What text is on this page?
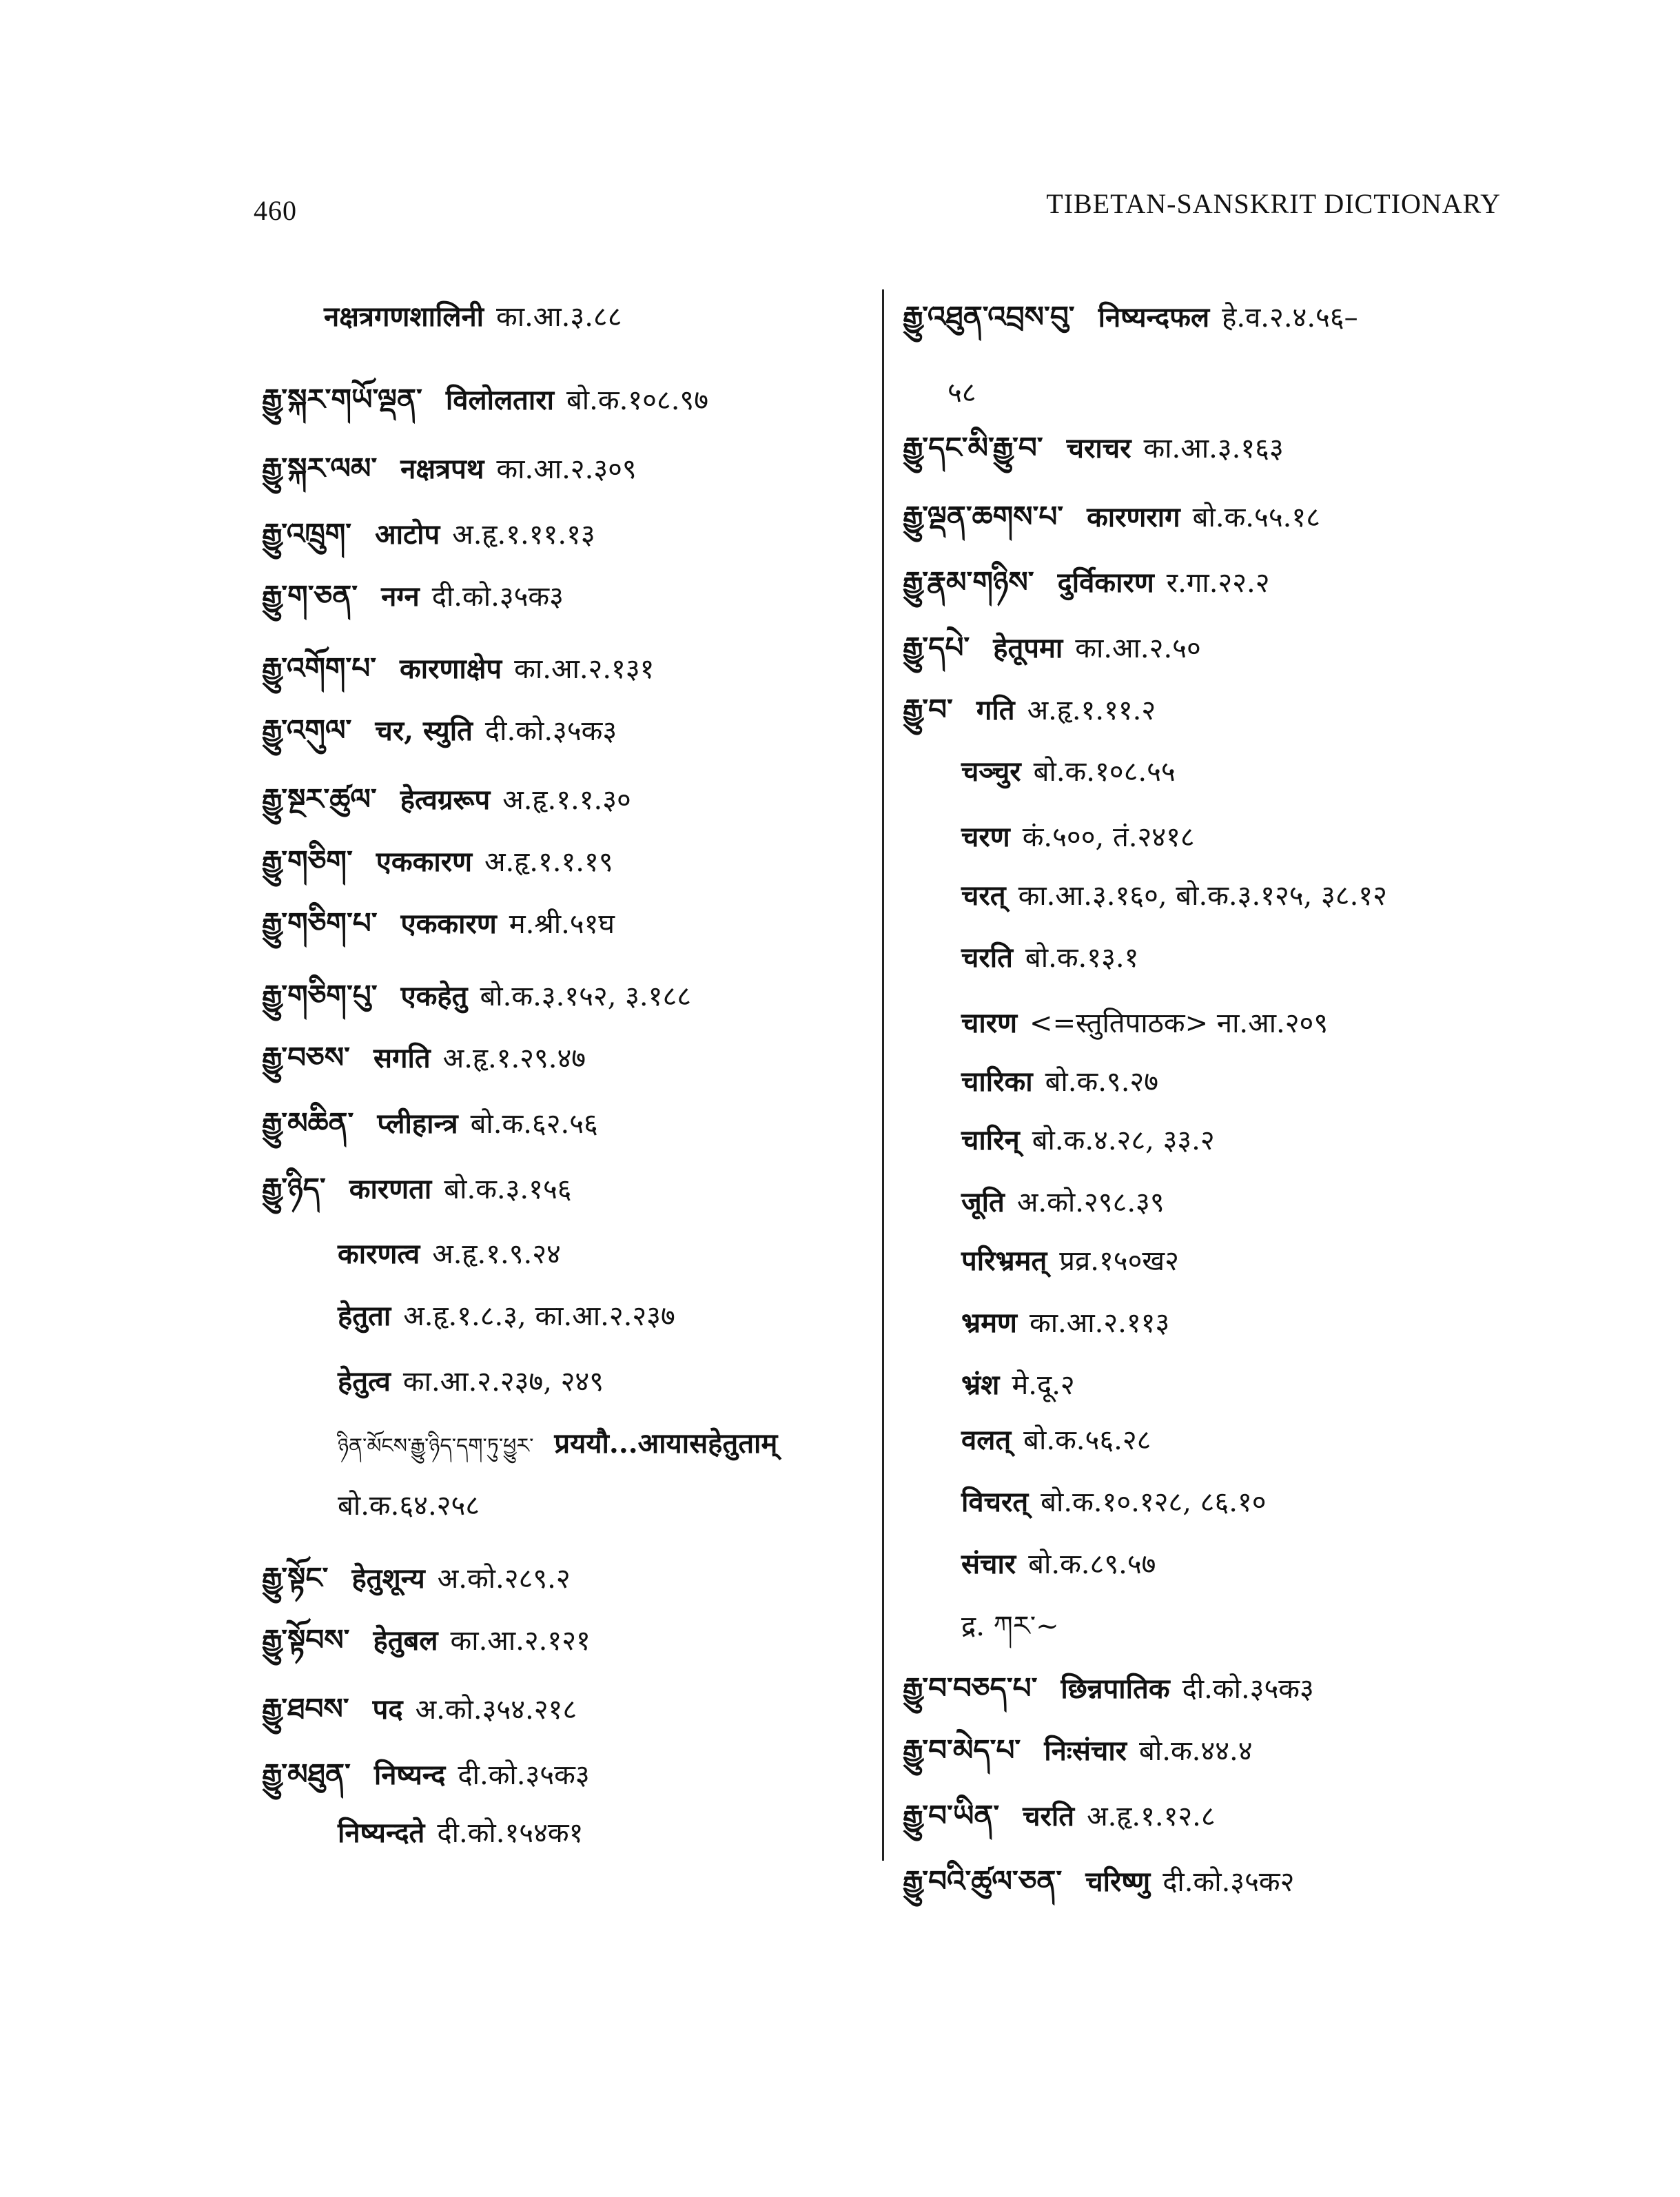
460	TIBETAN-SANSKRIT DICTIONARY
नक्षत्रगणशालिनी का.आ.३.८८
རྒྱུ་སྐར་གཡོ་ལྡན་ विलोलतारा बो.क.१०८.९७
རྒྱུ་སྐར་ལམ་ नक्षत्रपथ का.आ.२.३०९
རྒྱུ་འཁྲུག་ आटोप अ.हृ.१.११.१३
རྒྱུ་ག་ཅན་ नग्न दी.को.३५क३
རྒྱུ་འགོག་པ་ कारणाक्षेप का.आ.२.१३१
རྒྱུ་འགུལ་ चर, स्युति दी.को.३५क३
རྒྱུ་སྔར་ཚུལ་ हेत्वग्ररूप अ.हृ.१.१.३०
རྒྱུ་གཅིག་ एककारण अ.हृ.१.१.१९
རྒྱུ་གཅིག་པ་ एककारण म.श्री.५१घ
རྒྱུ་གཅིག་པུ་ एकहेतु बो.क.३.१५२, ३.१८८
རྒྱུ་བཅས་ सगति अ.हृ.१.२९.४७
རྒྱུ་མཆིན་ प्लीहान्त्र बो.क.६२.५६
རྒྱུ་ཉིད་ कारणता बो.क.३.१५६
कारणत्व अ.हृ.१.९.२४
हेतुता अ.हृ.१.८.३, का.आ.२.२३७
हेतुत्व का.आ.२.२३७, २४९
ཉིན་མོངས་རྒྱུ་ཉིད་དག་ཏུ་ཕྱུར་ प्रययौ...आयासहेतुताम्
बो.क.६४.२५८
རྒྱུ་སྟོང་ हेतुशून्य अ.को.२८९.२
རྒྱུ་སྟོབས་ हेतुबल का.आ.२.१२१
རྒྱུ་ཐབས་ पद अ.को.३५४.२१८
རྒྱུ་མཐུན་ निष्यन्द दी.को.३५क३
निष्यन्दते दी.को.१५४क१
རྒྱུ་འཐུན་འབྲས་བུ་ निष्यन्दफल हे.व.२.४.५६–
५८
རྒྱུ་དང་མི་རྒྱུ་བ་ चराचर का.आ.३.१६३
རྒྱུ་ལྡན་ཆགས་པ་ कारणराग बो.क.५५.१८
རྒྱུ་རྣམ་གཉིས་ दुर्विकारण र.गा.२२.२
རྒྱུ་དཔེ་ हेतूपमा का.आ.२.५०
རྒྱུ་བ་ गति अ.हृ.१.११.२
चञ्चुर बो.क.१०८.५५
चरण कं.५००, तं.२४१८
चरत् का.आ.३.१६०, बो.क.३.१२५, ३८.१२
चरति बो.क.१३.१
चारण <=स्तुतिपाठक> ना.आ.२०९
चारिका बो.क.९.२७
चारिन् बो.क.४.२८, ३३.२
जूति अ.को.२९८.३९
परिभ्रमत् प्रव्र.१५०ख२
भ्रमण का.आ.२.११३
भ्रंश मे.दू.२
वलत् बो.क.५६.२८
विचरत् बो.क.१०.१२८, ८६.१०
संचार बो.क.८९.५७
द्र. ཀར་~
རྒྱུ་བ་བཅད་པ་ छिन्नपातिक दी.को.३५क३
རྒྱུ་བ་མེད་པ་ निःसंचार बो.क.४४.४
རྒྱུ་བ་ཡིན་ चरति अ.हृ.१.१२.८
རྒྱུ་བའི་ཚུལ་ཅན་ चरिष्णु दी.को.३५क२
